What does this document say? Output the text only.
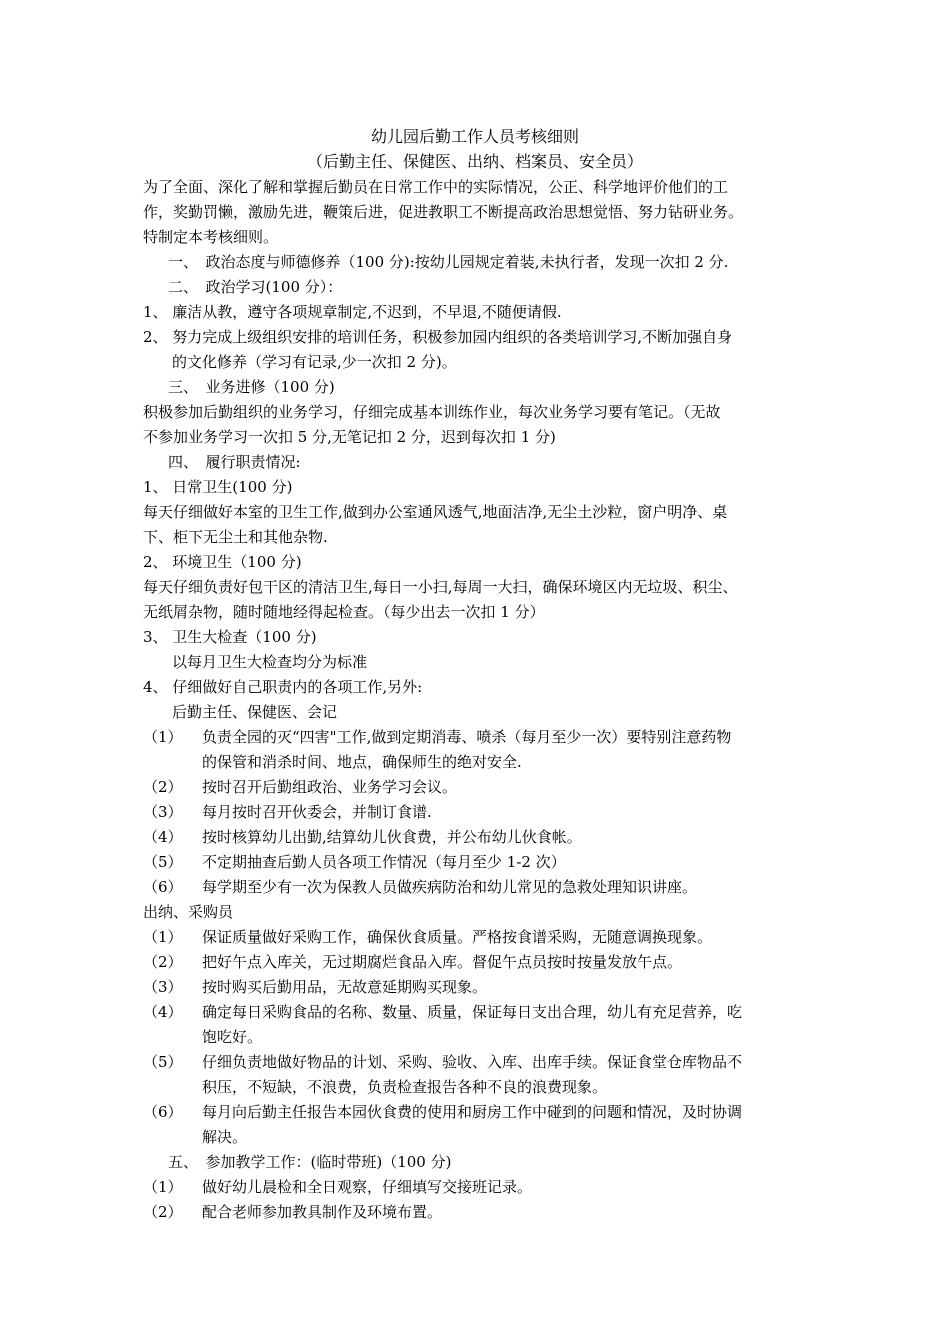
幼儿园后勤工作人员考核细则
（后勤主任、保健医、出纳、档案员、安全员）
为了全面、深化了解和掌握后勤员在日常工作中的实际情况，公正、科学地评价他们的工
作，奖勤罚懒，激励先进，鞭策后进，促进教职工不断提高政治思想觉悟、努力钻研业务。
特制定本考核细则。
一、　政治态度与师德修养（100 分):按幼儿园规定着装,未执行者，发现一次扣 2 分.
二、　政治学习(100 分）：
1、 廉洁从教，遵守各项规章制定,不迟到，不早退,不随便请假.
2、 努力完成上级组织安排的培训任务，积极参加园内组织的各类培训学习,不断加强自身
的文化修养（学习有记录,少一次扣 2 分)。
三、　业务进修（100 分)
积极参加后勤组织的业务学习，仔细完成基本训练作业，每次业务学习要有笔记。（无故
不参加业务学习一次扣 5 分,无笔记扣 2 分，迟到每次扣 1 分)
四、　履行职责情况:
1、 日常卫生(100 分)
每天仔细做好本室的卫生工作,做到办公室通风透气,地面洁净,无尘土沙粒，窗户明净、桌
下、柜下无尘土和其他杂物.
2、 环境卫生（100 分)
每天仔细负责好包干区的清洁卫生,每日一小扫,每周一大扫，确保环境区内无垃圾、积尘、
无纸屑杂物，随时随地经得起检查。（每少出去一次扣 1 分）
3、 卫生大检查（100 分)
以每月卫生大检查均分为标准
4、 仔细做好自己职责内的各项工作,另外:
后勤主任、保健医、会记
（1） 负责全园的灭“四害"工作,做到定期消毒、喷杀（每月至少一次）要特别注意药物
的保管和消杀时间、地点，确保师生的绝对安全.
（2） 按时召开后勤组政治、业务学习会议。
（3） 每月按时召开伙委会，并制订食谱.
（4） 按时核算幼儿出勤,结算幼儿伙食费，并公布幼儿伙食帐。
（5） 不定期抽查后勤人员各项工作情况（每月至少 1-2 次）
（6） 每学期至少有一次为保教人员做疾病防治和幼儿常见的急救处理知识讲座。
出纳、采购员
（1） 保证质量做好采购工作，确保伙食质量。严格按食谱采购，无随意调换现象。
（2） 把好午点入库关，无过期腐烂食品入库。督促午点员按时按量发放午点。
（3） 按时购买后勤用品，无故意延期购买现象。
（4） 确定每日采购食品的名称、数量、质量，保证每日支出合理，幼儿有充足营养，吃
饱吃好。
（5） 仔细负责地做好物品的计划、采购、验收、入库、出库手续。保证食堂仓库物品不
积压，不短缺，不浪费，负责检查报告各种不良的浪费现象。
（6） 每月向后勤主任报告本园伙食费的使用和厨房工作中碰到的问题和情况，及时协调
解决。
五、　参加教学工作：(临时带班)（100 分)
（1） 做好幼儿晨检和全日观察，仔细填写交接班记录。
（2） 配合老师参加教具制作及环境布置。
